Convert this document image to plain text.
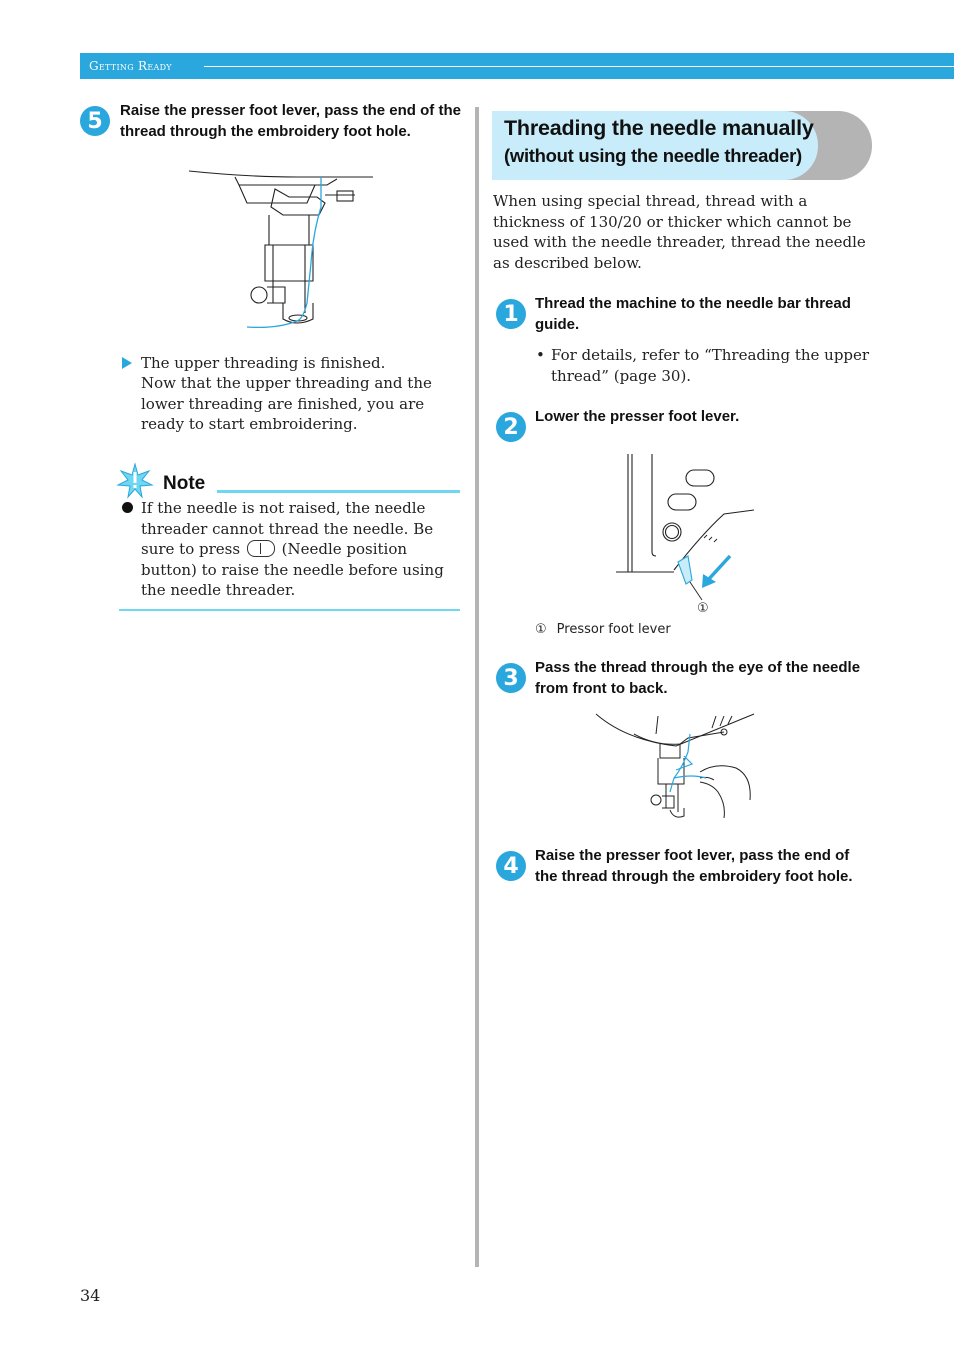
Getting Ready
5	Raise the presser foot lever, pass the end of the thread through the embroidery foot hole.
The upper threading is finished.
Now that the upper threading and the lower threading are finished, you are ready to start embroidering.
Note
If the needle is not raised, the needle threader cannot thread the needle. Be sure to press	(Needle position button) to raise the needle before using the needle threader.
Threading the needle manually
(without using the needle threader)
When using special thread, thread with a thickness of 130/20 or thicker which cannot be used with the needle threader, thread the needle as described below.
1	Thread the machine to the needle bar thread guide.
• For details, refer to “Threading the upper thread” (page 30).
2	Lower the presser foot lever.
①
① Pressor foot lever
3	Pass the thread through the eye of the needle from front to back.
4	Raise the presser foot lever, pass the end of the thread through the embroidery foot hole.
34
